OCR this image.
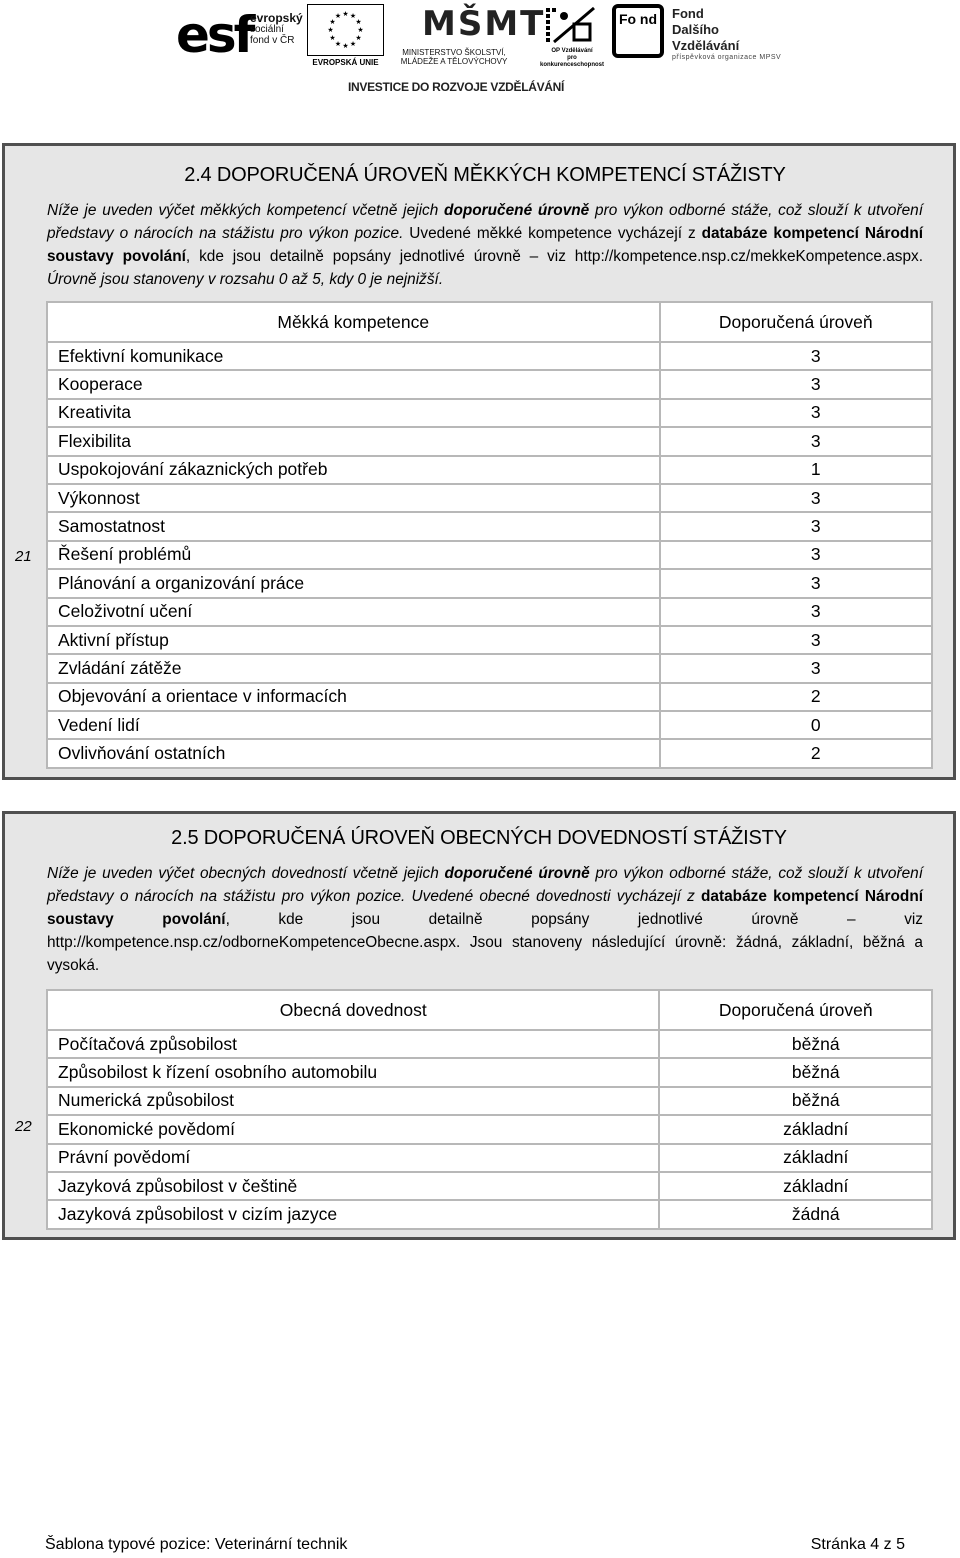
esf
evropský
sociální
fond v ČR
★ ★
★
★
★
★
★
★
★
★
★
★
EVROPSKÁ UNIE
MŠMT
MINISTERSTVO ŠKOLSTVÍ,
MLÁDEŽE A TĚLOVÝCHOVY
OP Vzdělávání
pro konkurenceschopnost
Fo nd	Fond
Dalšího
Vzdělávání
příspěvková organizace MPSV
INVESTICE DO ROZVOJE VZDĚLÁVÁNÍ
2.4 DOPORUČENÁ ÚROVEŇ MĚKKÝCH KOMPETENCÍ STÁŽISTY
Níže je uveden výčet měkkých kompetencí včetně jejich doporučené úrovně pro výkon odborné stáže, což slouží k utvoření představy o nárocích na stážistu pro výkon pozice. Uvedené měkké kompetence vycházejí z databáze kompetencí Národní soustavy povolání, kde jsou detailně popsány jednotlivé úrovně – viz http://kompetence.nsp.cz/mekkeKompetence.aspx. Úrovně jsou stanoveny v rozsahu 0 až 5, kdy 0 je nejnižší.
21
Měkká kompetence	Doporučená úroveň
Efektivní komunikace	3
Kooperace	3
Kreativita	3
Flexibilita	3
Uspokojování zákaznických potřeb	1
Výkonnost	3
Samostatnost	3
Řešení problémů	3
Plánování a organizování práce	3
Celoživotní učení	3
Aktivní přístup	3
Zvládání zátěže	3
Objevování a orientace v informacích	2
Vedení lidí	0
Ovlivňování ostatních	2
2.5 DOPORUČENÁ ÚROVEŇ OBECNÝCH DOVEDNOSTÍ STÁŽISTY
Níže je uveden výčet obecných dovedností včetně jejich doporučené úrovně pro výkon odborné stáže, což slouží k utvoření představy o nárocích na stážistu pro výkon pozice. Uvedené obecné dovednosti vycházejí z databáze kompetencí Národní soustavy povolání, kde jsou detailně popsány jednotlivé úrovně – viz http://kompetence.nsp.cz/odborneKompetenceObecne.aspx. Jsou stanoveny následující úrovně: žádná, základní, běžná a vysoká.
22
Obecná dovednost	Doporučená úroveň
Počítačová způsobilost	běžná
Způsobilost k řízení osobního automobilu	běžná
Numerická způsobilost	běžná
Ekonomické povědomí	základní
Právní povědomí	základní
Jazyková způsobilost v češtině	základní
Jazyková způsobilost v cizím jazyce	žádná
Šablona typové pozice: Veterinární technik	Stránka 4 z 5
